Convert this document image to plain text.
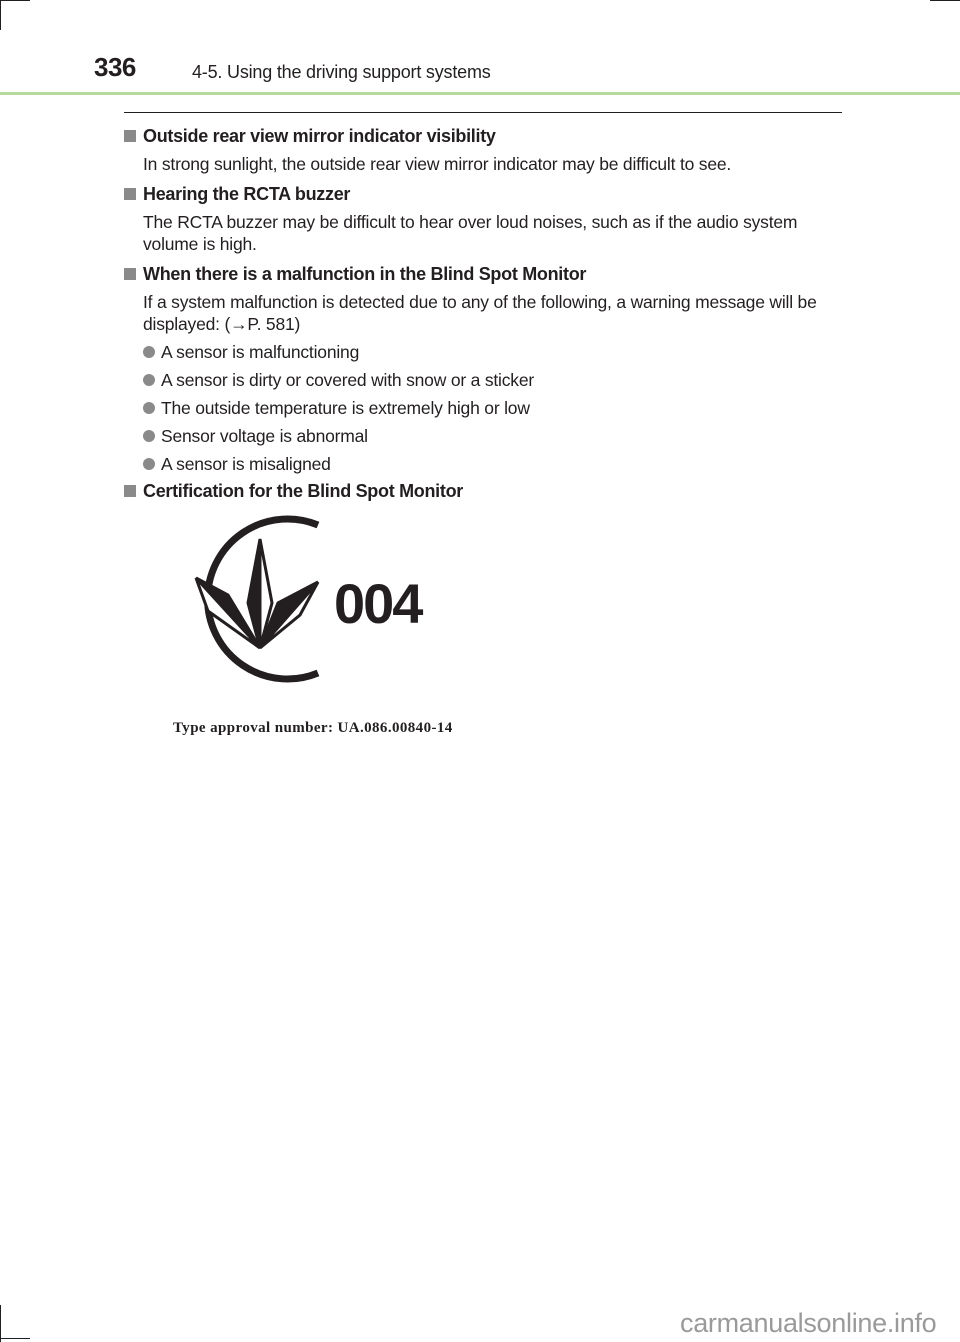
336	4-5. Using the driving support systems
Outside rear view mirror indicator visibility
In strong sunlight, the outside rear view mirror indicator may be difficult to see.
Hearing the RCTA buzzer
The RCTA buzzer may be difficult to hear over loud noises, such as if the audio system volume is high.
When there is a malfunction in the Blind Spot Monitor
If a system malfunction is detected due to any of the following, a warning message will be displayed: (→P. 581)
A sensor is malfunctioning
A sensor is dirty or covered with snow or a sticker
The outside temperature is extremely high or low
Sensor voltage is abnormal
A sensor is misaligned
Certification for the Blind Spot Monitor
004
Type approval number: UA.086.00840-14
carmanualsonline.info
